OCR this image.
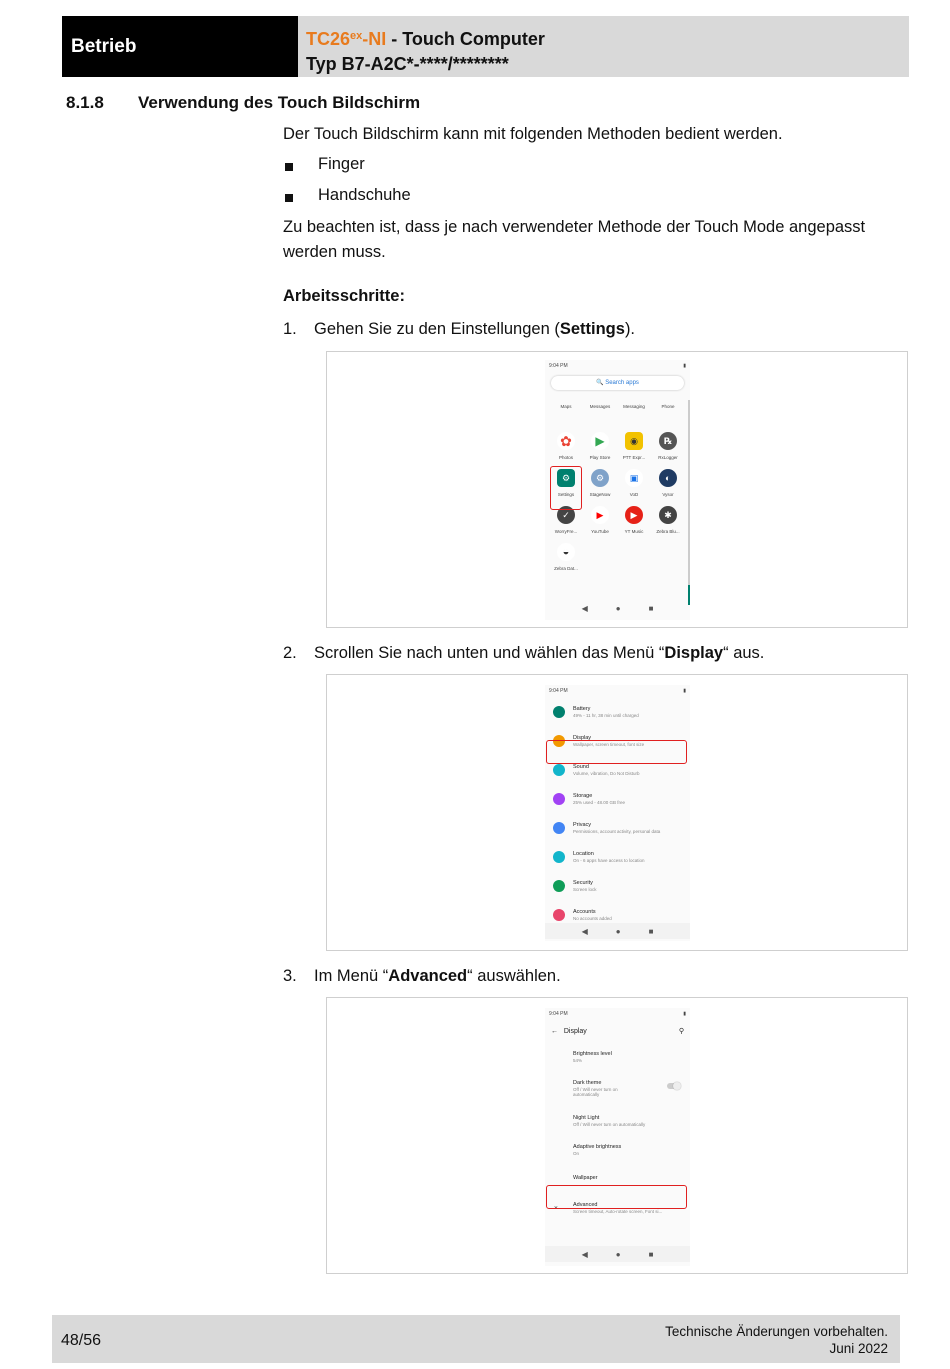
Betrieb	$TC26^{ex}-NI$ - Touch Computer
Typ B7-A2C*-****/********
8.1.8	Verwendung des Touch Bildschirm
Der Touch Bildschirm kann mit folgenden Methoden bedient werden.
Finger
Handschuhe
Zu beachten ist, dass je nach verwendeter Methode der Touch Mode angepasst werden muss.
Arbeitsschritte:
1.	Gehen Sie zu den Einstellungen (Settings).
9:04 PM	▮
🔍 Search apps
Maps	Messages	Messaging	Phone
✿
Photos
▶
Play Store
◉
PTT Expr...
℞
RxLogger
⚙
Settings
⚙
StageNow
▣
VoD
◐
Vysor
✓
WorryFre...
▶
YouTube
▶
YT Music
✱
Zebra Blu...
◒
Zebra Dat...
◀	●	■
2.	Scrollen Sie nach unten und wählen das Menü “Display“ aus.
9:04 PM	▮
Battery
49% - 11 hr, 38 min until charged
Display
Wallpaper, screen timeout, font size
Sound
Volume, vibration, Do Not Disturb
Storage
25% used - 48.00 GB free
Privacy
Permissions, account activity, personal data
Location
On - 6 apps have access to location
Security
Screen lock
Accounts
No accounts added
◀	●	■
3.	Im Menü “Advanced“ auswählen.
9:04 PM	▮
← Display	⚲
Brightness level
54%
Dark theme
Off / Will never turn on automatically
Night Light
Off / Will never turn on automatically
Adaptive brightness
On
Wallpaper
⌄	Advanced
Screen timeout, Auto-rotate screen, Font si...
◀	●	■
48/56
Technische Änderungen vorbehalten.
Juni 2022
